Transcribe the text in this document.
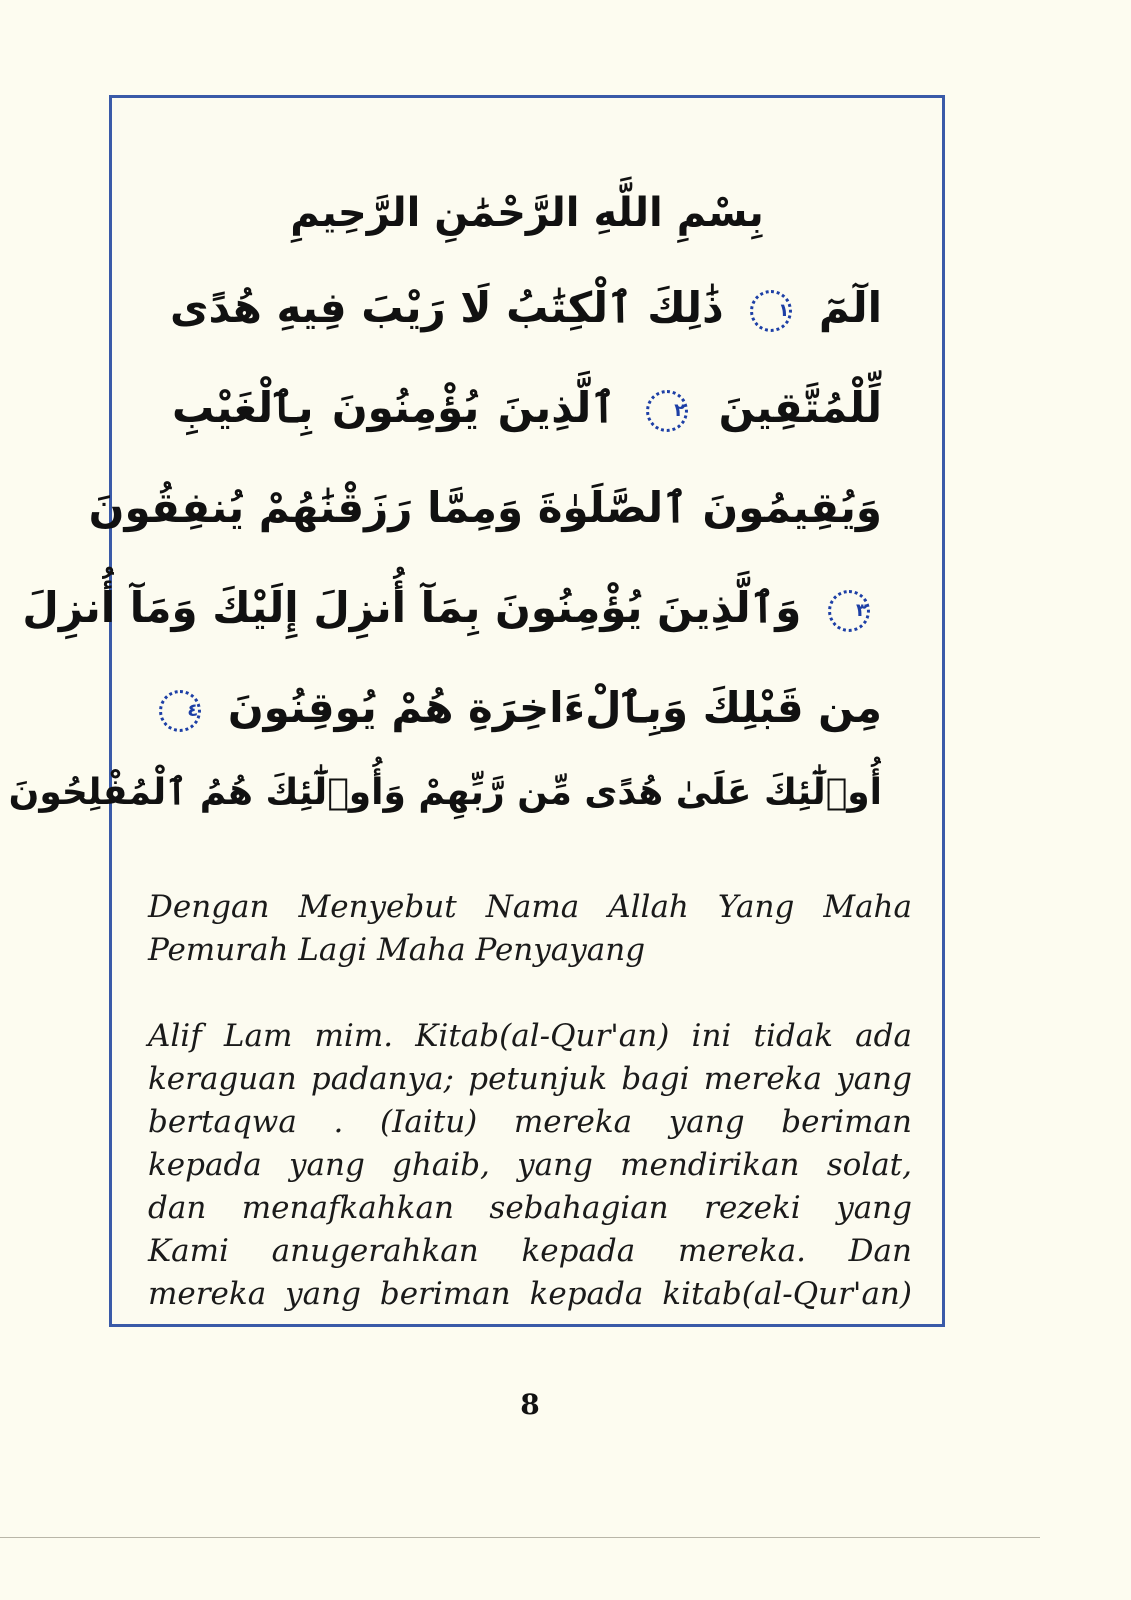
بِسْمِ اللَّهِ الرَّحْمَٰنِ الرَّحِيمِ
الٓمٓ ١ ذَٰلِكَ ٱلْكِتَٰبُ لَا رَيْبَ فِيهِ هُدًى
لِّلْمُتَّقِينَ ٢ ٱلَّذِينَ يُؤْمِنُونَ بِٱلْغَيْبِ
وَيُقِيمُونَ ٱلصَّلَوٰةَ وَمِمَّا رَزَقْنَٰهُمْ يُنفِقُونَ
٣ وَٱلَّذِينَ يُؤْمِنُونَ بِمَآ أُنزِلَ إِلَيْكَ وَمَآ أُنزِلَ
مِن قَبْلِكَ وَبِٱلْءَاخِرَةِ هُمْ يُوقِنُونَ ٤
أُو۟لَٰٓئِكَ عَلَىٰ هُدًى مِّن رَّبِّهِمْ وَأُو۟لَٰٓئِكَ هُمُ ٱلْمُفْلِحُونَ
Dengan Menyebut Nama Allah Yang Maha
Pemurah Lagi Maha Penyayang
Alif Lam mim. Kitab(al-Qur'an) ini tidak ada
keraguan padanya; petunjuk bagi mereka yang
bertaqwa . (Iaitu) mereka yang beriman
kepada yang ghaib, yang mendirikan solat,
dan menafkahkan sebahagian rezeki yang
Kami anugerahkan kepada mereka. Dan
mereka yang beriman kepada kitab(al-Qur'an)
8
